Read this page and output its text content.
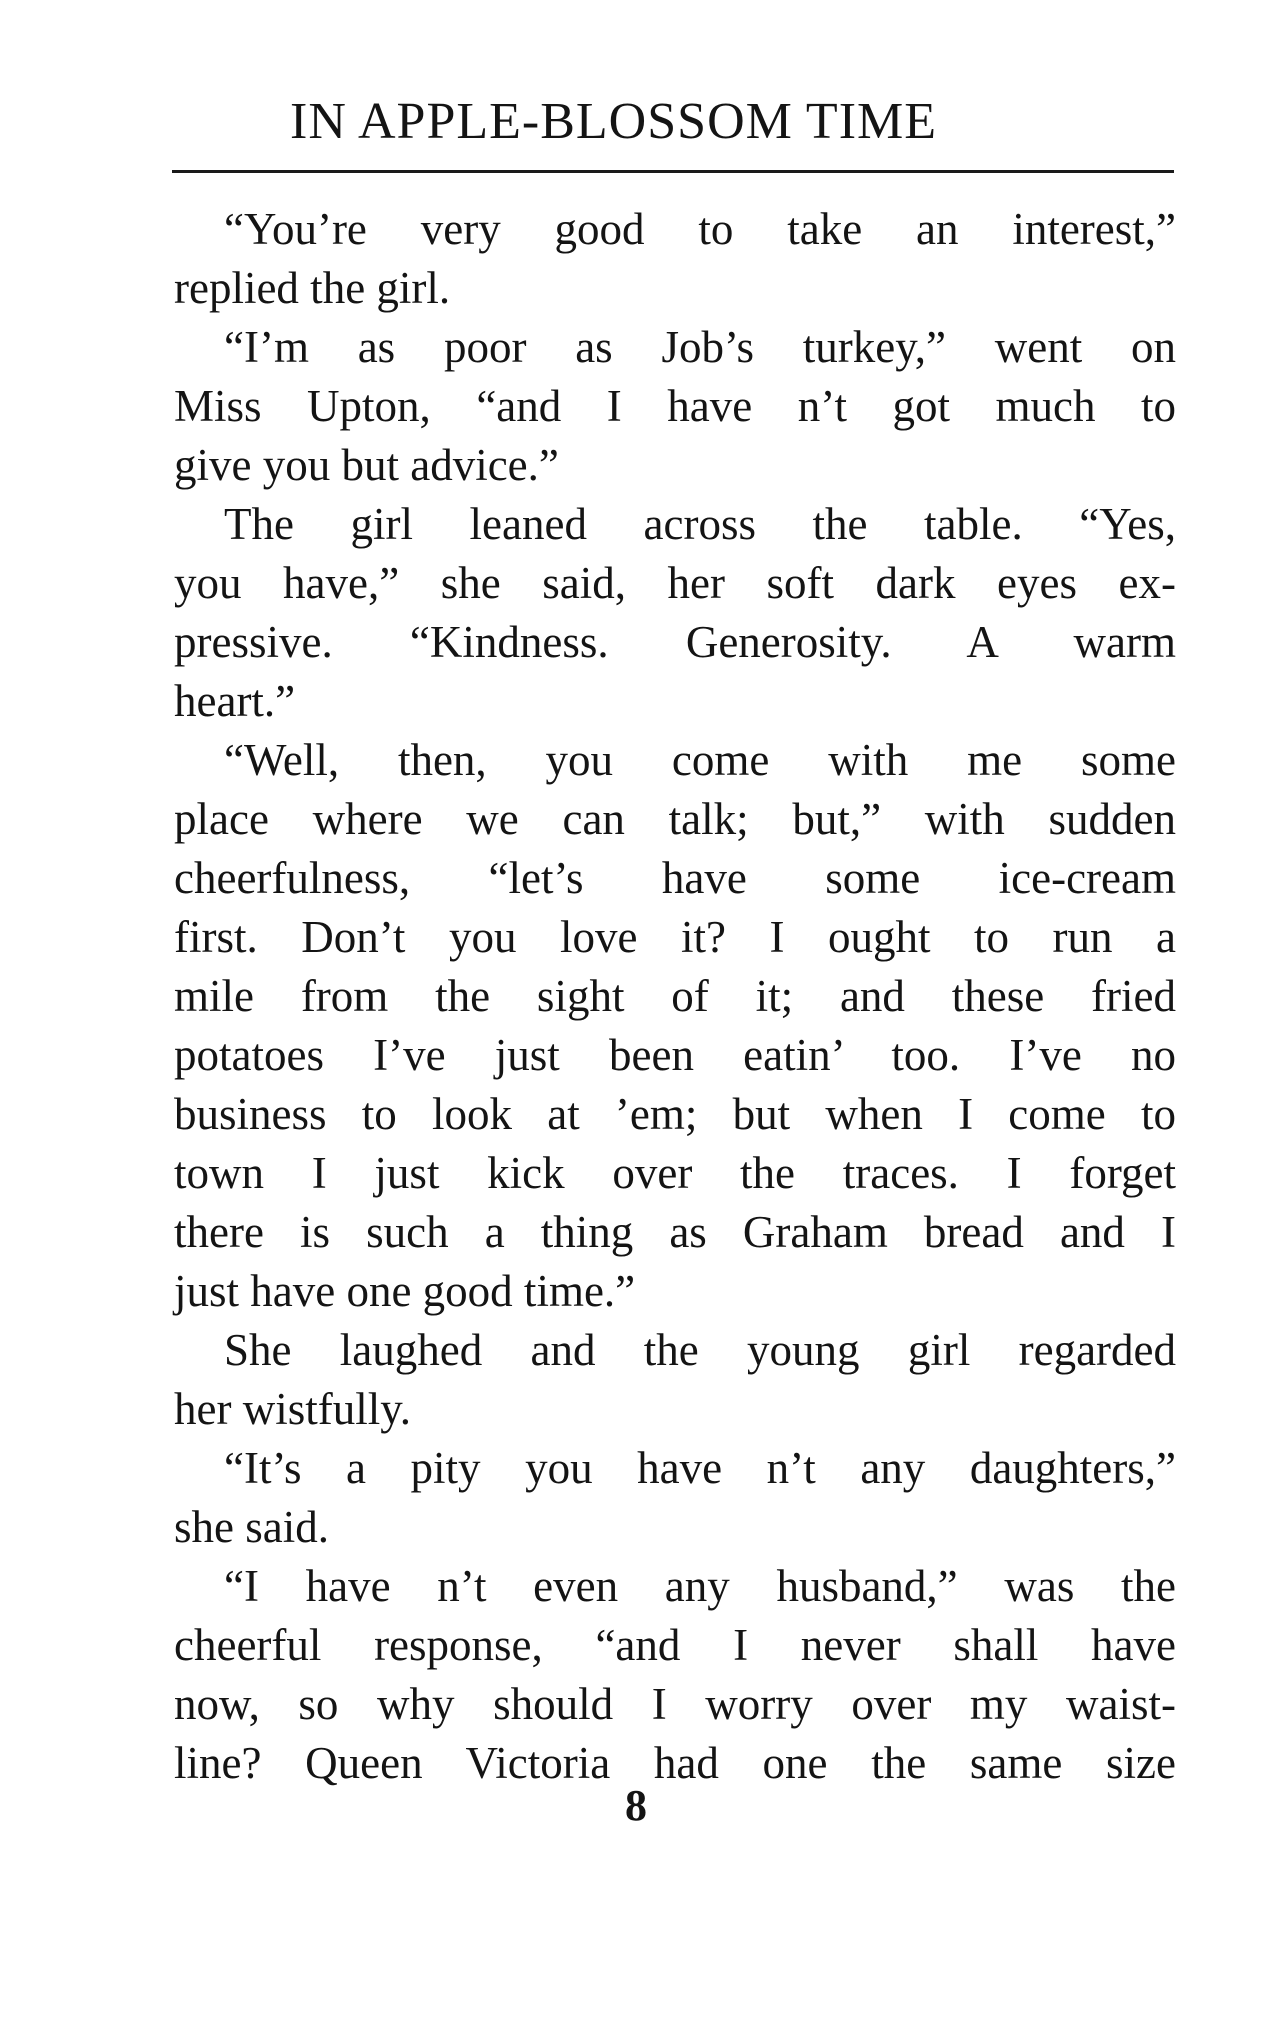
IN APPLE-BLOSSOM TIME
“You’re very good to take an interest,”
replied the girl.
“I’m as poor as Job’s turkey,” went on
Miss Upton, “and I have n’t got much to
give you but advice.”
The girl leaned across the table. “Yes,
you have,” she said, her soft dark eyes ex-
pressive. “Kindness. Generosity. A warm
heart.”
“Well, then, you come with me some
place where we can talk; but,” with sudden
cheerfulness, “let’s have some ice-cream
first. Don’t you love it? I ought to run a
mile from the sight of it; and these fried
potatoes I’ve just been eatin’ too. I’ve no
business to look at ’em; but when I come to
town I just kick over the traces. I forget
there is such a thing as Graham bread and I
just have one good time.”
She laughed and the young girl regarded
her wistfully.
“It’s a pity you have n’t any daughters,”
she said.
“I have n’t even any husband,” was the
cheerful response, “and I never shall have
now, so why should I worry over my waist-
line? Queen Victoria had one the same size
8
